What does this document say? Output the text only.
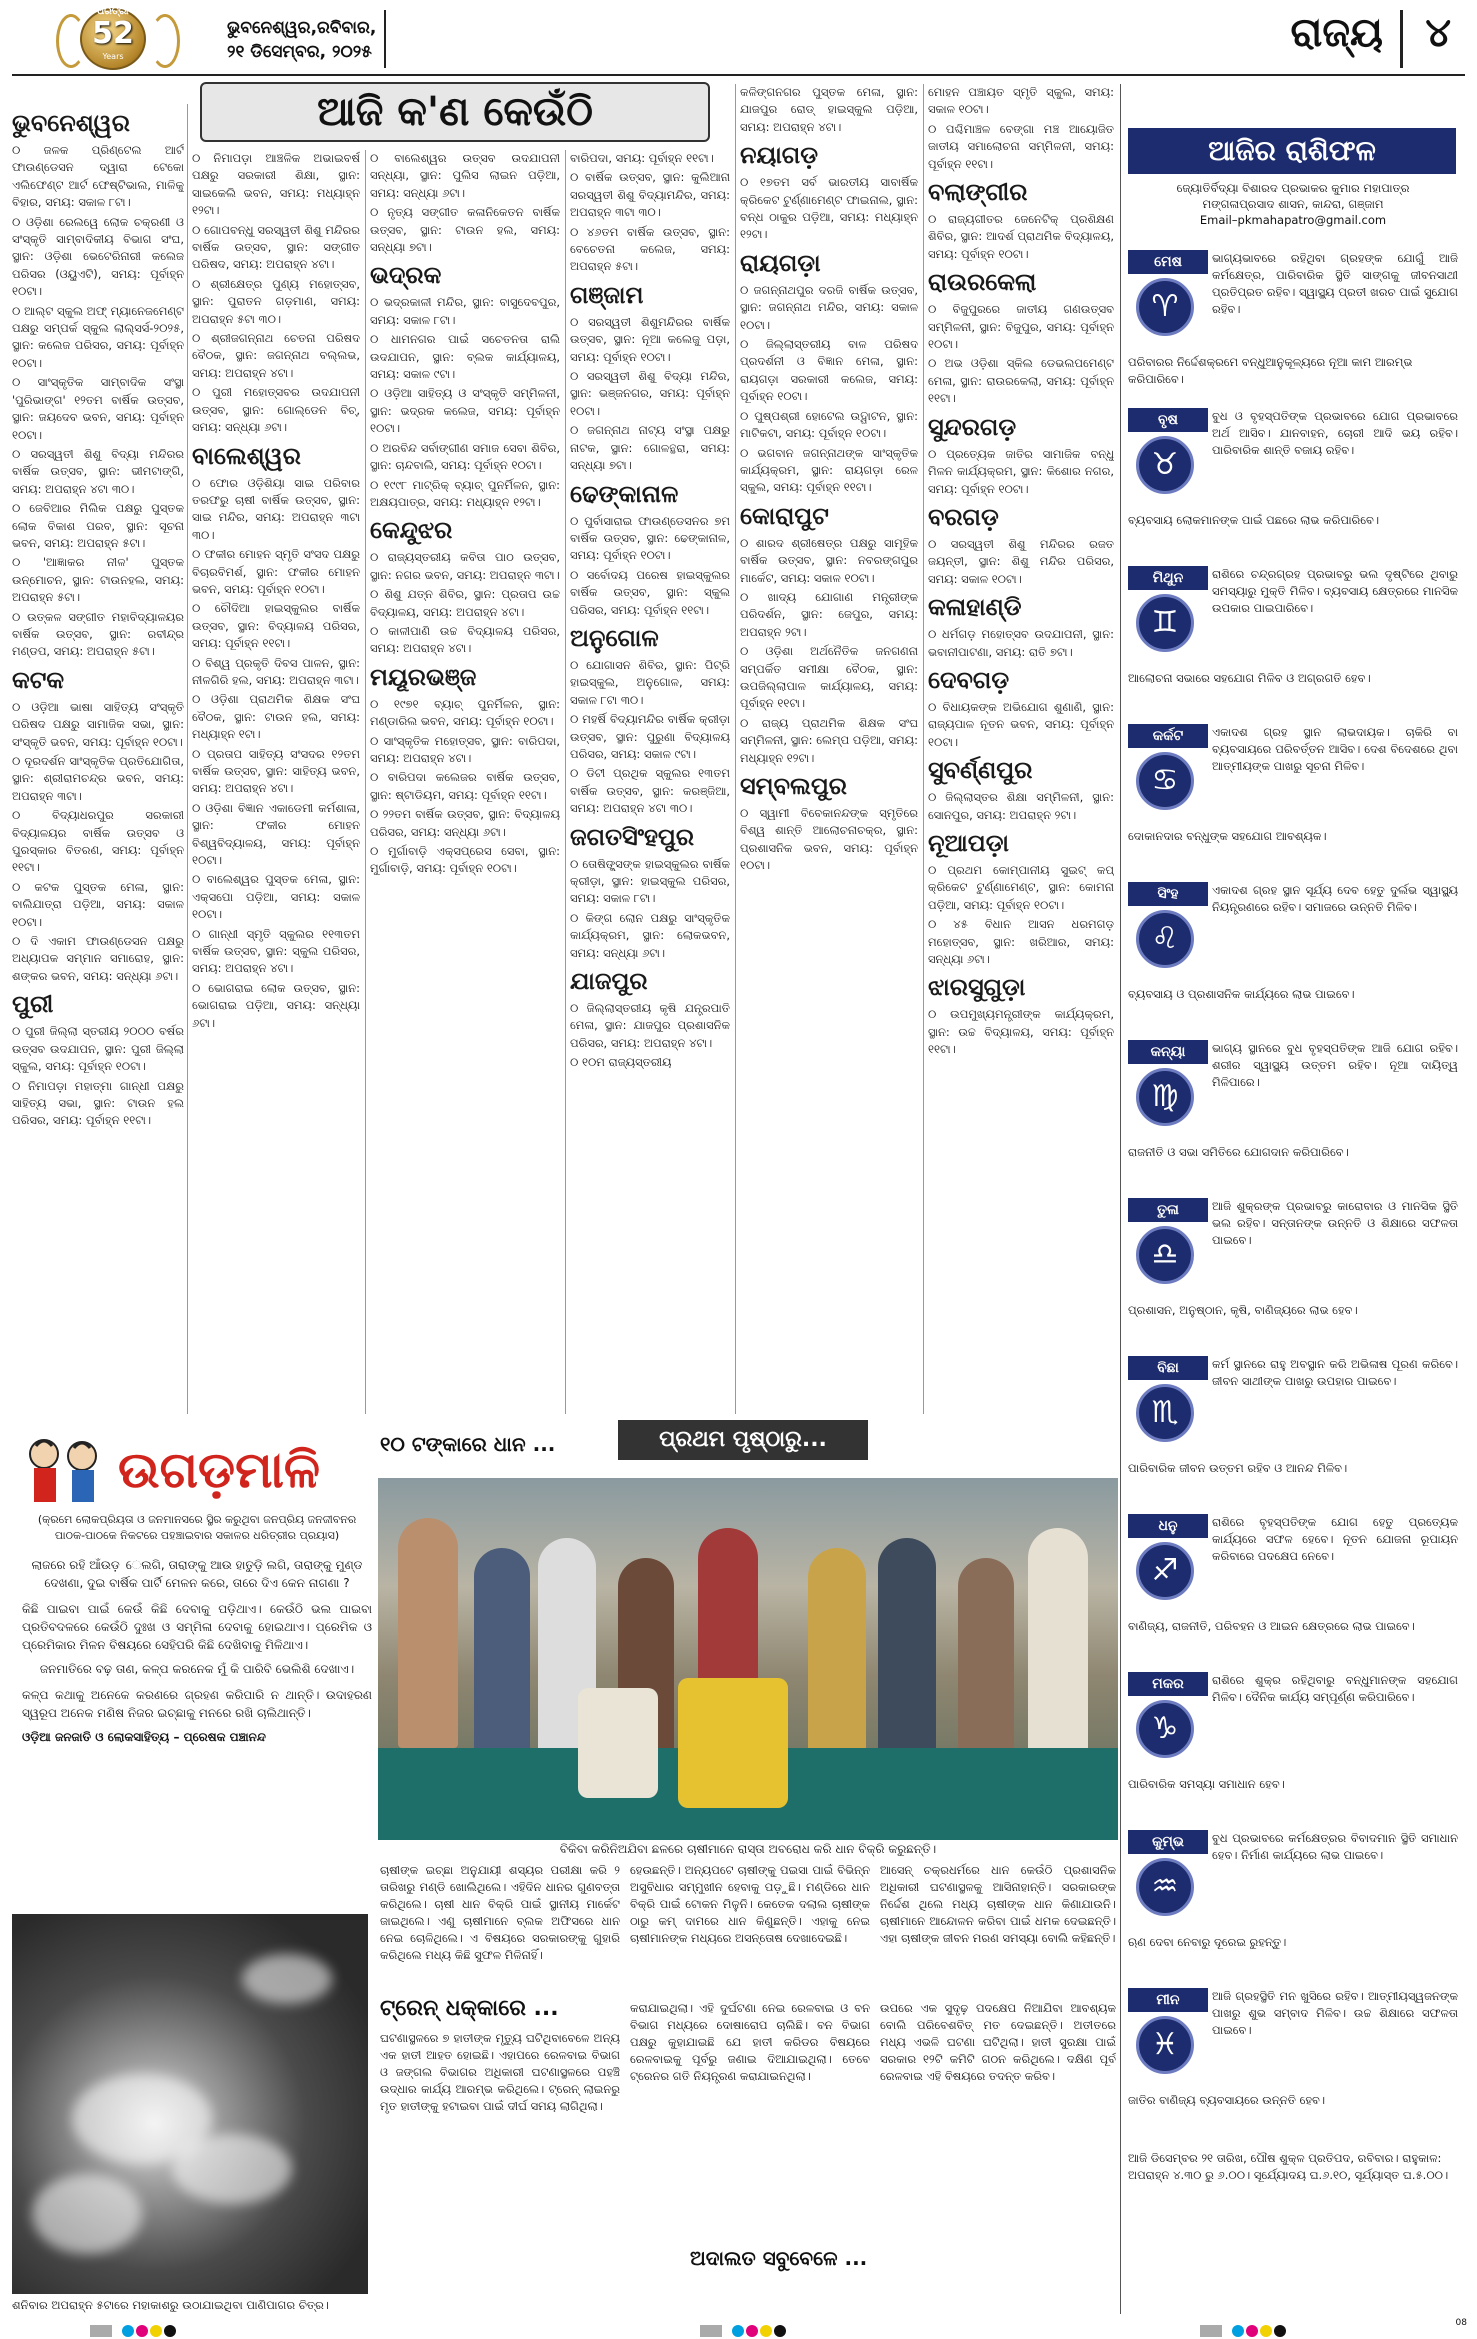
ଧରିତ୍ରୀ
52
Years
ଭୁବନେଶ୍ୱର,ରବିବାର,
୨୧ ଡିସେମ୍ବର, ୨୦୨୫	ରାଜ୍ୟ ୪
ଆଜି କ'ଣ କେଉଁଠି
ଭୁବନେଶ୍ୱର

୦ ଜଳକ ପ୍ରିଣ୍ଟେଲ ଆର୍ଟ ଫାଉଣ୍ଡେସନ ଦ୍ୱାରା ଟେକୋ ଏଲିଫେଣ୍ଟ ଆର୍ଟ ଫେଷ୍ଟିଭାଲ, ମାଳିକୁ ବିହାର, ସମୟ: ସକାଳ ୮ଟା।

୦ ଓଡ଼ିଶା ରେଲୱେ ଲୋକ ଚକ୍ରଣୀ ଓ ସଂସ୍କୃତି ସାମ୍ବାଦିକୀୟ ବିଭାଗ ସଂଘ, ସ୍ଥାନ: ଓଡ଼ିଶା ଭେଟେରିନାରୀ କଲେଜ ପରିସର (ଓୟୁଏଟି), ସମୟ: ପୂର୍ବାହ୍ନ ୧୦ଟା।

୦ ଆଲ୍ଟ ସ୍କୁଲ ଅଫ୍ ମ୍ୟାନେଜମେଣ୍ଟ ପକ୍ଷରୁ ସମ୍ପର୍କ ସ୍କୁଲ ଲାଲ୍ସର୍ସ-୨୦୨୫, ସ୍ଥାନ: କଲେଜ ପରିସର, ସମୟ: ପୂର୍ବାହ୍ନ ୧୦ଟା।

୦ ସାଂସ୍କୃତିକ ସାମ୍ବାଦିକ ସଂସ୍ଥା 'ପୁରିଭାଙ୍ଗ' ୧୨ତମ ବାର୍ଷିକ ଉତ୍ସବ, ସ୍ଥାନ: ଜୟଦେବ ଭବନ, ସମୟ: ପୂର୍ବାହ୍ନ ୧୦ଟା।

୦ ସରସ୍ୱତୀ ଶିଶୁ ବିଦ୍ୟା ମନ୍ଦିରର ବାର୍ଷିକ ଉତ୍ସବ, ସ୍ଥାନ: ଭୀମଟାଙ୍ଗି, ସମୟ: ଅପରାହ୍ନ ୪ଟା ୩୦।

୦ ଜେବିଆର ମିଲିକ ପକ୍ଷରୁ ପୁସ୍ତକ ଲୋକ ବିକାଶ ପରବ, ସ୍ଥାନ: ସୂଚନା ଭବନ, ସମୟ: ଅପରାହ୍ନ ୫ଟା।

୦ 'ଆଜ୍ଞାକର ନୀଳ' ପୁସ୍ତକ ଉନ୍ମୋଚନ, ସ୍ଥାନ: ଟାଉନହଲ, ସମୟ: ଅପରାହ୍ନ ୫ଟା।

୦ ଉତ୍କଳ ସଙ୍ଗୀତ ମହାବିଦ୍ୟାଳୟର ବାର୍ଷିକ ଉତ୍ସବ, ସ୍ଥାନ: ରବୀନ୍ଦ୍ର ମଣ୍ଡପ, ସମୟ: ଅପରାହ୍ନ ୫ଟା।

କଟକ

୦ ଓଡ଼ିଆ ଭାଷା ସାହିତ୍ୟ ସଂସ୍କୃତି ପରିଷଦ ପକ୍ଷରୁ ସାମାଜିକ ସଭା, ସ୍ଥାନ: ସଂସ୍କୃତି ଭବନ, ସମୟ: ପୂର୍ବାହ୍ନ ୧୦ଟା।

୦ ଦୂରଦର୍ଶନ ସାଂସ୍କୃତିକ ପ୍ରତିଯୋଗିତା, ସ୍ଥାନ: ଶ୍ରୀରାମଚନ୍ଦ୍ର ଭବନ, ସମୟ: ଅପରାହ୍ନ ୩ଟା।

୦ ବିଦ୍ୟାଧରପୁର ସରକାରୀ ବିଦ୍ୟାଳୟର ବାର୍ଷିକ ଉତ୍ସବ ଓ ପୁରସ୍କାର ବିତରଣ, ସମୟ: ପୂର୍ବାହ୍ନ ୧୧ଟା।

୦ କଟକ ପୁସ୍ତକ ମେଳା, ସ୍ଥାନ: ବାଲିଯାତ୍ରା ପଡ଼ିଆ, ସମୟ: ସକାଳ ୧୦ଟା।

୦ ଦି ଏକାମ ଫାଉଣ୍ଡେସନ ପକ୍ଷରୁ ଅଧ୍ୟାପକ ସମ୍ମାନ ସମାରୋହ, ସ୍ଥାନ: ଶଙ୍କର ଭବନ, ସମୟ: ସନ୍ଧ୍ୟା ୬ଟା।

ପୁରୀ

୦ ପୁରୀ ଜିଲ୍ଲା ସ୍ତରୀୟ ୨୦୦୦ ବର୍ଷର ଉତ୍ସବ ଉଦଯାପନ, ସ୍ଥାନ: ପୁରୀ ଜିଲ୍ଲା ସ୍କୁଲ, ସମୟ: ପୂର୍ବାହ୍ନ ୧୦ଟା।

୦ ନିମାପଡ଼ା ମହାତ୍ମା ଗାନ୍ଧୀ ପକ୍ଷରୁ ସାହିତ୍ୟ ସଭା, ସ୍ଥାନ: ଟାଉନ ହଲ ପରିସର, ସମୟ: ପୂର୍ବାହ୍ନ ୧୧ଟା।

୦ ନିମାପଡ଼ା ଆଞ୍ଚଳିକ ଅଭାଇବର୍ଷ ପକ୍ଷରୁ ସରକାରୀ ଶିକ୍ଷା, ସ୍ଥାନ: ସାଇକେଲି ଭବନ, ସମୟ: ମଧ୍ୟାହ୍ନ ୧୨ଟା।

୦ ଗୋପବନ୍ଧୁ ସରସ୍ୱତୀ ଶିଶୁ ମନ୍ଦିରର ବାର୍ଷିକ ଉତ୍ସବ, ସ୍ଥାନ: ସଙ୍ଗୀତ ପରିଷଦ, ସମୟ: ଅପରାହ୍ନ ୪ଟା।

୦ ଶ୍ରୀକ୍ଷେତ୍ର ପୁଣ୍ୟ ମହୋତ୍ସବ, ସ୍ଥାନ: ପୁରାତନ ଗଡ଼ମାଣ, ସମୟ: ଅପରାହ୍ନ ୫ଟା ୩୦।

୦ ଶ୍ରୀଜଗନ୍ନାଥ ଚେତନା ପରିଷଦ ବୈଠକ, ସ୍ଥାନ: ଜଗନ୍ନାଥ ବଲ୍ଲଭ, ସମୟ: ଅପରାହ୍ନ ୪ଟା।

୦ ପୁରୀ ମହୋତ୍ସବର ଉଦଯାପନୀ ଉତ୍ସବ, ସ୍ଥାନ: ଗୋଲ୍ଡେନ ବିଚ୍, ସମୟ: ସନ୍ଧ୍ୟା ୬ଟା।

ବାଲେଶ୍ୱର

୦ ଫୋର ଓଡ଼ିଶିୟା ସାଇ ପରିବାର ତରଫରୁ ଚାଷୀ ବାର୍ଷିକ ଉତ୍ସବ, ସ୍ଥାନ: ସାଇ ମନ୍ଦିର, ସମୟ: ଅପରାହ୍ନ ୩ଟା ୩୦।

୦ ଫକୀର ମୋହନ ସ୍ମୃତି ସଂସଦ ପକ୍ଷରୁ ବିଚାରବିମର୍ଶ, ସ୍ଥାନ: ଫକୀର ମୋହନ ଭବନ, ସମୟ: ପୂର୍ବାହ୍ନ ୧୦ଟା।

୦ ଚୌଦିଆ ହାଇସ୍କୁଲର ବାର୍ଷିକ ଉତ୍ସବ, ସ୍ଥାନ: ବିଦ୍ୟାଳୟ ପରିସର, ସମୟ: ପୂର୍ବାହ୍ନ ୧୧ଟା।

୦ ବିଶ୍ୱ ପ୍ରକୃତି ଦିବସ ପାଳନ, ସ୍ଥାନ: ନୀଳଗିରି ହଲ, ସମୟ: ଅପରାହ୍ନ ୩ଟା।

୦ ଓଡ଼ିଶା ପ୍ରାଥମିକ ଶିକ୍ଷକ ସଂଘ ବୈଠକ, ସ୍ଥାନ: ଟାଉନ ହଲ, ସମୟ: ମଧ୍ୟାହ୍ନ ୧ଟା।

୦ ପ୍ରତାପ ସାହିତ୍ୟ ସଂସଦର ୧୨ତମ ବାର୍ଷିକ ଉତ୍ସବ, ସ୍ଥାନ: ସାହିତ୍ୟ ଭବନ, ସମୟ: ଅପରାହ୍ନ ୪ଟା।

୦ ଓଡ଼ିଶା ବିଜ୍ଞାନ ଏକାଡେମୀ କର୍ମଶାଳା, ସ୍ଥାନ: ଫକୀର ମୋହନ ବିଶ୍ୱବିଦ୍ୟାଳୟ, ସମୟ: ପୂର୍ବାହ୍ନ ୧୦ଟା।

୦ ବାଲେଶ୍ୱର ପୁସ୍ତକ ମେଳା, ସ୍ଥାନ: ଏକ୍ସପୋ ପଡ଼ିଆ, ସମୟ: ସକାଳ ୧୦ଟା।

୦ ଗାନ୍ଧୀ ସ୍ମୃତି ସ୍କୁଲର ୧୧୩ତମ ବାର୍ଷିକ ଉତ୍ସବ, ସ୍ଥାନ: ସ୍କୁଲ ପରିସର, ସମୟ: ଅପରାହ୍ନ ୪ଟା।

୦ ଭୋଗରାଇ ଲୋକ ଉତ୍ସବ, ସ୍ଥାନ: ଭୋଗରାଇ ପଡ଼ିଆ, ସମୟ: ସନ୍ଧ୍ୟା ୬ଟା।

୦ ବାଲେଶ୍ୱର ଉତ୍ସବ ଉଦଯାପନୀ ସନ୍ଧ୍ୟା, ସ୍ଥାନ: ପୁଲିସ ଲାଇନ ପଡ଼ିଆ, ସମୟ: ସନ୍ଧ୍ୟା ୬ଟା।

୦ ନୃତ୍ୟ ସଙ୍ଗୀତ କଳାନିକେତନ ବାର୍ଷିକ ଉତ୍ସବ, ସ୍ଥାନ: ଟାଉନ ହଲ, ସମୟ: ସନ୍ଧ୍ୟା ୭ଟା।

ଭଦ୍ରକ

୦ ଭଦ୍ରକାଳୀ ମନ୍ଦିର, ସ୍ଥାନ: ବାସୁଦେବପୁର, ସମୟ: ସକାଳ ୮ଟା।

୦ ଧାମନଗର ପାଇଁ ସଚେତନତା ରାଲି ଉଦଯାପନ, ସ୍ଥାନ: ବ୍ଲକ କାର୍ଯ୍ୟାଳୟ, ସମୟ: ସକାଳ ୯ଟା।

୦ ଓଡ଼ିଆ ସାହିତ୍ୟ ଓ ସଂସ୍କୃତି ସମ୍ମିଳନୀ, ସ୍ଥାନ: ଭଦ୍ରକ କଲେଜ, ସମୟ: ପୂର୍ବାହ୍ନ ୧୦ଟା।

୦ ଅରବିନ୍ଦ ସର୍ବାଙ୍ଗୀଣ ସମାଜ ସେବା ଶିବିର, ସ୍ଥାନ: ଚାନ୍ଦବାଲି, ସମୟ: ପୂର୍ବାହ୍ନ ୧୦ଟା।

୦ ୧୯୯୮ ମାଟ୍ରିକ୍ ବ୍ୟାଚ୍ ପୁନର୍ମିଳନ, ସ୍ଥାନ: ଅକ୍ଷୟପାତ୍ର, ସମୟ: ମଧ୍ୟାହ୍ନ ୧୨ଟା।

କେନ୍ଦୁଝର

୦ ରାଜ୍ୟସ୍ତରୀୟ କବିତା ପାଠ ଉତ୍ସବ, ସ୍ଥାନ: ନଗର ଭବନ, ସମୟ: ଅପରାହ୍ନ ୩ଟା।

୦ ଶିଶୁ ଯତ୍ନ ଶିବିର, ସ୍ଥାନ: ପ୍ରତାପ ଉଚ୍ଚ ବିଦ୍ୟାଳୟ, ସମୟ: ଅପରାହ୍ନ ୪ଟା।

୦ କାଳୀପାଣି ଉଚ୍ଚ ବିଦ୍ୟାଳୟ ପରିସର, ସମୟ: ଅପରାହ୍ନ ୪ଟା।

ମୟୂରଭଞ୍ଜ

୦ ୧୯୭୧ ବ୍ୟାଚ୍ ପୁନର୍ମିଳନ, ସ୍ଥାନ: ମଣ୍ଡାରିଲ ଭବନ, ସମୟ: ପୂର୍ବାହ୍ନ ୧୦ଟା।

୦ ସାଂସ୍କୃତିକ ମହୋତ୍ସବ, ସ୍ଥାନ: ବାରିପଦା, ସମୟ: ଅପରାହ୍ନ ୪ଟା।

୦ ବାରିପଦା କଲେଜର ବାର୍ଷିକ ଉତ୍ସବ, ସ୍ଥାନ: ଷ୍ଟାଡିୟମ, ସମୟ: ପୂର୍ବାହ୍ନ ୧୧ଟା।

୦ ୨୨ତମ ବାର୍ଷିକ ଉତ୍ସବ, ସ୍ଥାନ: ବିଦ୍ୟାଳୟ ପରିସର, ସମୟ: ସନ୍ଧ୍ୟା ୬ଟା।

୦ ମୁର୍ଗାବାଡ଼ି ଏକ୍ସପ୍ରେସ ସେବା, ସ୍ଥାନ: ମୁର୍ଗାବାଡ଼ି, ସମୟ: ପୂର୍ବାହ୍ନ ୧୦ଟା।

ବାରିପଦା, ସମୟ: ପୂର୍ବାହ୍ନ ୧୧ଟା।

୦ ବାର୍ଷିକ ଉତ୍ସବ, ସ୍ଥାନ: କୁଲିଆନା ସରସ୍ୱତୀ ଶିଶୁ ବିଦ୍ୟାମନ୍ଦିର, ସମୟ: ଅପରାହ୍ନ ୩ଟା ୩୦।

୦ ୪୬ତମ ବାର୍ଷିକ ଉତ୍ସବ, ସ୍ଥାନ: ବେଚେତନା କଲେଜ, ସମୟ: ଅପରାହ୍ନ ୫ଟା।

ଗଞ୍ଜାମ

୦ ସରସ୍ୱତୀ ଶିଶୁମନ୍ଦିରର ବାର୍ଷିକ ଉତ୍ସବ, ସ୍ଥାନ: ନୂଆ କଲେଜୁ ପଡ଼ା, ସମୟ: ପୂର୍ବାହ୍ନ ୧୦ଟା।

୦ ସରସ୍ୱତୀ ଶିଶୁ ବିଦ୍ୟା ମନ୍ଦିର, ସ୍ଥାନ: ଭଞ୍ଜନଗର, ସମୟ: ପୂର୍ବାହ୍ନ ୧୦ଟା।

୦ ଜଗନ୍ନାଥ ନାଟ୍ୟ ସଂସ୍ଥା ପକ୍ଷରୁ ନାଟକ, ସ୍ଥାନ: ଗୋଳନ୍ଥରା, ସମୟ: ସନ୍ଧ୍ୟା ୭ଟା।

ଢେଙ୍କାନାଳ

୦ ପୁର୍ବାସାରାଇ ଫାଉଣ୍ଡେସନର ୭ମ ବାର୍ଷିକ ଉତ୍ସବ, ସ୍ଥାନ: ଢେଙ୍କାନାଳ, ସମୟ: ପୂର୍ବାହ୍ନ ୧୦ଟା।

୦ ସର୍ବୋଦୟ ପରେଷ ହାଇସ୍କୁଲର ବାର୍ଷିକ ଉତ୍ସବ, ସ୍ଥାନ: ସ୍କୁଲ ପରିସର, ସମୟ: ପୂର୍ବାହ୍ନ ୧୧ଟା।

ଅନୁଗୋଳ

୦ ଯୋଗାସନ ଶିବିର, ସ୍ଥାନ: ପିଟ୍ରି ହାଇସ୍କୁଲ, ଅନୁଗୋଳ, ସମୟ: ସକାଳ ୮ଟା ୩୦।

୦ ମହର୍ଷି ବିଦ୍ୟାମନ୍ଦିର ବାର୍ଷିକ କ୍ରୀଡ଼ା ଉତ୍ସବ, ସ୍ଥାନ: ପୁରୁଣା ବିଦ୍ୟାଳୟ ପରିସର, ସମୟ: ସକାଳ ୯ଟା।

୦ ଡିଟୀ ପ୍ରଥିକ ସ୍କୁଲର ୧୩ତମ ବାର୍ଷିକ ଉତ୍ସବ, ସ୍ଥାନ: କରଞ୍ଜିଆ, ସମୟ: ଅପରାହ୍ନ ୪ଟା ୩୦।

ଜଗତସିଂହପୁର

୦ ତୋଷିଙ୍କ୍ସଙ୍କ ହାଇସ୍କୁଲର ବାର୍ଷିକ କ୍ରୀଡ଼ା, ସ୍ଥାନ: ହାଇସ୍କୁଲ ପରିସର, ସମୟ: ସକାଳ ୮ଟା।

୦ କିଙ୍ଗ ଲୋନ ପକ୍ଷରୁ ସାଂସ୍କୃତିକ କାର୍ଯ୍ୟକ୍ରମ, ସ୍ଥାନ: ଲୋକଭବନ, ସମୟ: ସନ୍ଧ୍ୟା ୬ଟା।

ଯାଜପୁର

୦ ଜିଲ୍ଲାସ୍ତରୀୟ କୃଷି ଯନ୍ତ୍ରପାତି ମେଳା, ସ୍ଥାନ: ଯାଜପୁର ପ୍ରଶାସନିକ ପରିସର, ସମୟ: ଅପରାହ୍ନ ୪ଟା।

୦ ୧୦ମ ରାଜ୍ୟସ୍ତରୀୟ

କଳିଙ୍ଗନଗର ପୁସ୍ତକ ମେଳା, ସ୍ଥାନ: ଯାଜପୁର ରୋଡ୍ ହାଇସ୍କୁଲ ପଡ଼ିଆ, ସମୟ: ଅପରାହ୍ନ ୪ଟା।

ନୟାଗଡ଼

୦ ୧୭ତମ ସର୍ବ ଭାରତୀୟ ସାବାର୍ଷିକ କ୍ରିକେଟ ଟୁର୍ଣ୍ଣାମେଣ୍ଟ ଫାଇନାଲ, ସ୍ଥାନ: ବନ୍ଧ ଠାକୁର ପଡ଼ିଆ, ସମୟ: ମଧ୍ୟାହ୍ନ ୧୨ଟା।

ରାୟଗଡ଼ା

୦ ଜଗନ୍ନାଥପୁର ଦରଜି ବାର୍ଷିକ ଉତ୍ସବ, ସ୍ଥାନ: ଜଗନ୍ନାଥ ମନ୍ଦିର, ସମୟ: ସକାଳ ୧୦ଟା।

୦ ଜିଲ୍ଲାସ୍ତରୀୟ ବାଳ ପରିଷଦ ପ୍ରଦର୍ଶନୀ ଓ ବିଜ୍ଞାନ ମେଳା, ସ୍ଥାନ: ରାୟଗଡ଼ା ସରକାରୀ କଲେଜ, ସମୟ: ପୂର୍ବାହ୍ନ ୧୦ଟା।

୦ ପୁଷ୍ପଶ୍ରୀ ହୋଟେଲ ଉଦ୍ଘାଟନ, ସ୍ଥାନ: ମାଟିକଟା, ସମୟ: ପୂର୍ବାହ୍ନ ୧୦ଟା।

୦ ଭଗବାନ ଜଗନ୍ନାଥଙ୍କ ସାଂସ୍କୃତିକ କାର୍ଯ୍ୟକ୍ରମ, ସ୍ଥାନ: ରାୟଗଡ଼ା ରେଳ ସ୍କୁଲ, ସମୟ: ପୂର୍ବାହ୍ନ ୧୧ଟା।

କୋରାପୁଟ

୦ ଶାରଦ ଶ୍ରୀଷେତ୍ର ପକ୍ଷରୁ ସାମୂହିକ ବାର୍ଷିକ ଉତ୍ସବ, ସ୍ଥାନ: ନବରଙ୍ଗପୁର ମାର୍କେଟ, ସମୟ: ସକାଳ ୧୦ଟା।

୦ ଖାଦ୍ୟ ଯୋଗାଣ ମନ୍ତ୍ରୀଙ୍କ ପରିଦର୍ଶନ, ସ୍ଥାନ: ଜେପୁର, ସମୟ: ଅପରାହ୍ନ ୨ଟା।

୦ ଓଡ଼ିଶା ଅର୍ଥନୈତିକ ଜନଗଣନା ସମ୍ପର୍କିତ ସମୀକ୍ଷା ବୈଠକ, ସ୍ଥାନ: ଉପଜିଲ୍ଲାପାଳ କାର୍ଯ୍ୟାଳୟ, ସମୟ: ପୂର୍ବାହ୍ନ ୧୧ଟା।

୦ ରାଜ୍ୟ ପ୍ରାଥମିକ ଶିକ୍ଷକ ସଂଘ ସମ୍ମିଳନୀ, ସ୍ଥାନ: ଲେମ୍ପ ପଡ଼ିଆ, ସମୟ: ମଧ୍ୟାହ୍ନ ୧୨ଟା।

ସମ୍ବଲପୁର

୦ ସ୍ୱାମୀ ବିବେକାନନ୍ଦଙ୍କ ସ୍ମୃତିରେ ବିଶ୍ୱ ଶାନ୍ତି ଆଲୋଚନାଚକ୍ର, ସ୍ଥାନ: ପ୍ରଶାସନିକ ଭବନ, ସମୟ: ପୂର୍ବାହ୍ନ ୧୦ଟା।

ମୋହନ ପଞ୍ଚାୟତ ସ୍ମୃତି ସ୍କୁଲ, ସମୟ: ସକାଳ ୧୦ଟା।

୦ ପଶ୍ଚିମାଞ୍ଚଳ ବେଙ୍ଗା ମଞ୍ଚ ଆୟୋଜିତ ଜାତୀୟ ସମାଲୋଚନା ସମ୍ମିଳନୀ, ସମୟ: ପୂର୍ବାହ୍ନ ୧୧ଟା।

ବଲାଙ୍ଗୀର

୦ ରାଜ୍ୟଗୀତର ଜେନେଟିକ୍ ପ୍ରଶିକ୍ଷଣ ଶିବିର, ସ୍ଥାନ: ଆଦର୍ଶ ପ୍ରାଥମିକ ବିଦ୍ୟାଳୟ, ସମୟ: ପୂର୍ବାହ୍ନ ୧୦ଟା।

ରାଉରକେଲା

୦ ବିଜୁପୁରରେ ଜାତୀୟ ଗଣଉତ୍ସବ ସମ୍ମିଳନୀ, ସ୍ଥାନ: ବିଜୁପୁର, ସମୟ: ପୂର୍ବାହ୍ନ ୧୦ଟା।

୦ ଅଭ ଓଡ଼ିଶା ସ୍କିଲ ଡେଭଲପମେଣ୍ଟ ମେଳା, ସ୍ଥାନ: ରାଉରକେଲା, ସମୟ: ପୂର୍ବାହ୍ନ ୧୧ଟା।

ସୁନ୍ଦରଗଡ଼

୦ ପ୍ରତ୍ୟେକ ଜାତିର ସାମାଜିକ ବନ୍ଧୁ ମିଳନ କାର୍ଯ୍ୟକ୍ରମ, ସ୍ଥାନ: କିଶୋର ନଗର, ସମୟ: ପୂର୍ବାହ୍ନ ୧୦ଟା।

ବରଗଡ଼

୦ ସରସ୍ୱତୀ ଶିଶୁ ମନ୍ଦିରର ରଜତ ଜୟନ୍ତୀ, ସ୍ଥାନ: ଶିଶୁ ମନ୍ଦିର ପରିସର, ସମୟ: ସକାଳ ୧୦ଟା।

କଳାହାଣ୍ଡି

୦ ଧର୍ମଗଡ଼ ମହୋତ୍ସବ ଉଦଯାପନୀ, ସ୍ଥାନ: ଭବାନୀପାଟଣା, ସମୟ: ରାତି ୭ଟା।

ଦେବଗଡ଼

୦ ବିଧାୟକଙ୍କ ଅଭିଯୋଗ ଶୁଣାଣି, ସ୍ଥାନ: ରାଜ୍ୟପାଳ ନୂତନ ଭବନ, ସମୟ: ପୂର୍ବାହ୍ନ ୧୦ଟା।

ସୁବର୍ଣ୍ଣପୁର

୦ ଜିଲ୍ଲାସ୍ତର ଶିକ୍ଷା ସମ୍ମିଳନୀ, ସ୍ଥାନ: ସୋନପୁର, ସମୟ: ଅପରାହ୍ନ ୨ଟା।

ନୂଆପଡ଼ା

୦ ପ୍ରଥମ କୋମ୍ପାନୀୟ ସୁଇଟ୍ କପ୍ କ୍ରିକେଟ ଟୁର୍ଣ୍ଣାମେଣ୍ଟ, ସ୍ଥାନ: କୋମନା ପଡ଼ିଆ, ସମୟ: ପୂର୍ବାହ୍ନ ୧୦ଟା।

୦ ୪୫ ବିଧାନ ଆସନ ଧରମଗଡ଼ ମହୋତ୍ସବ, ସ୍ଥାନ: ଖରିଆର, ସମୟ: ସନ୍ଧ୍ୟା ୬ଟା।

ଝାରସୁଗୁଡ଼ା

୦ ଉପମୁଖ୍ୟମନ୍ତ୍ରୀଙ୍କ କାର୍ଯ୍ୟକ୍ରମ, ସ୍ଥାନ: ଉଚ୍ଚ ବିଦ୍ୟାଳୟ, ସମୟ: ପୂର୍ବାହ୍ନ ୧୧ଟା।

ଆଜିର ରାଶିଫଳ
ଜ୍ୟୋତିର୍ବିଦ୍ୟା ବିଶାରଦ ପ୍ରଭାକର କୁମାର ମହାପାତ୍ର
ମଙ୍ଗଳାପ୍ରସାଦ ଶାସନ, କାନ୍ଦରା, ଗଞ୍ଜାମ
Email–pkmahapatro@gmail.com
ମେଷ
♈
ଭାଗ୍ୟଭାବରେ ରହିଥିବା ଗ୍ରହଙ୍କ ଯୋଗୁଁ ଆଜି କର୍ମକ୍ଷେତ୍ର, ପାରିବାରିକ ସ୍ଥିତି ସାଙ୍ଗକୁ ଜୀବନସାଥୀ ପ୍ରତିପ୍ରତ ରହିବ। ସ୍ୱାସ୍ଥ୍ୟ ପ୍ରତୀ ଖରଚ ପାଇଁ ସୁଯୋଗ ରହିବ।
ପରିବାରର ନିର୍ଦ୍ଦେଶକ୍ରମେ ବନ୍ଧୁଆନୁକୂଳ୍ୟରେ ନୂଆ କାମ ଆରମ୍ଭ କରିପାରିବେ।
ବୃଷ
♉
ବୁଧ ଓ ବୃହସ୍ପତିଙ୍କ ପ୍ରଭାବରେ ଯୋଗ ପ୍ରଭାବରେ ଅର୍ଥ ଆସିବ। ଯାନବାହନ, ଚୋରୀ ଆଦି ଭୟ ରହିବ। ପାରିବାରିକ ଶାନ୍ତି ବଜାୟ ରହିବ।
ବ୍ୟବସାୟ ଲୋକମାନଙ୍କ ପାଇଁ ପଛରେ ଲାଭ କରିପାରିବେ।
ମିଥୁନ
♊
ରାଶିରେ ଚନ୍ଦ୍ରଗ୍ରହ ପ୍ରଭାବରୁ ଭଲ ଦୃଷ୍ଟିରେ ଥିବାରୁ ସମସ୍ୟାରୁ ମୁକ୍ତି ମିଳିବ। ବ୍ୟବସାୟ କ୍ଷେତ୍ରରେ ମାନସିକ ଉପକାର ପାଇପାରିବେ।
ଆଲୋଚନା ସଭାରେ ସହଯୋଗ ମିଳିବ ଓ ଅଗ୍ରଗତି ହେବ।
କର୍କଟ
♋
ଏକାଦଶ ଗ୍ରହ ସ୍ଥାନ ଲାଭଦାୟକ। ଚାକିରି ବା ବ୍ୟବସାୟରେ ପରିବର୍ତ୍ତନ ଆସିବ। ଦେଶ ବିଦେଶରେ ଥିବା ଆତ୍ମୀୟଙ୍କ ପାଖରୁ ସୂଚନା ମିଳିବ।
ଦୋକାନଦାର ବନ୍ଧୁଙ୍କ ସହଯୋଗ ଆବଶ୍ୟକ।
ସିଂହ
♌
ଏକାଦଶ ଗ୍ରହ ସ୍ଥାନ ସୂର୍ଯ୍ୟ ଦେବ ହେତୁ ଦୁର୍ଲଭ ସ୍ୱାସ୍ଥ୍ୟ ନିୟନ୍ତ୍ରଣରେ ରହିବ। ସମାଜରେ ଉନ୍ନତି ମିଳିବ।
ବ୍ୟବସାୟ ଓ ପ୍ରଶାସନିକ କାର୍ଯ୍ୟରେ ଲାଭ ପାଇବେ।
କନ୍ୟା
♍
ଭାଗ୍ୟ ସ୍ଥାନରେ ବୁଧ ବୃହସ୍ପତିଙ୍କ ଆଜି ଯୋଗ ରହିବ। ଶରୀର ସ୍ୱାସ୍ଥ୍ୟ ଉତ୍ତମ ରହିବ। ନୂଆ ଦାୟିତ୍ୱ ମିଳିପାରେ।
ରାଜନୀତି ଓ ସଭା ସମିତିରେ ଯୋଗଦାନ କରିପାରିବେ।
ତୁଳା
♎
ଆଜି ଶୁକ୍ରଙ୍କ ପ୍ରଭାବରୁ କାରୋବାର ଓ ମାନସିକ ସ୍ଥିତି ଭଲ ରହିବ। ସନ୍ତାନଙ୍କ ଉନ୍ନତି ଓ ଶିକ୍ଷାରେ ସଫଳତା ପାଇବେ।
ପ୍ରଶାସନ, ଅନୁଷ୍ଠାନ, କୃଷି, ବାଣିଜ୍ୟରେ ଲାଭ ହେବ।
ବିଛା
♏
କର୍ମ ସ୍ଥାନରେ ରାହୁ ଅବସ୍ଥାନ କରି ଅଭିଳାଷ ପୂରଣ କରିବେ। ଜୀବନ ସାଥୀଙ୍କ ପାଖରୁ ଉପହାର ପାଇବେ।
ପାରିବାରିକ ଜୀବନ ଉତ୍ତମ ରହିବ ଓ ଆନନ୍ଦ ମିଳିବ।
ଧନୁ
♐
ରାଶିରେ ବୃହସ୍ପତିଙ୍କ ଯୋଗ ହେତୁ ପ୍ରତ୍ୟେକ କାର୍ଯ୍ୟରେ ସଫଳ ହେବେ। ନୂତନ ଯୋଜନା ରୂପାୟନ କରିବାରେ ପଦକ୍ଷେପ ନେବେ।
ବାଣିଜ୍ୟ, ରାଜନୀତି, ପରିବହନ ଓ ଆଇନ କ୍ଷେତ୍ରରେ ଲାଭ ପାଇବେ।
ମକର
♑
ରାଶିରେ ଶୁକ୍ର ରହିଥିବାରୁ ବନ୍ଧୁମାନଙ୍କ ସହଯୋଗ ମିଳିବ। ଦୈନିକ କାର୍ଯ୍ୟ ସମ୍ପୂର୍ଣ୍ଣ କରିପାରିବେ।
ପାରିବାରିକ ସମସ୍ୟା ସମାଧାନ ହେବ।
କୁମ୍ଭ
♒
ବୁଧ ପ୍ରଭାବରେ କର୍ମକ୍ଷେତ୍ରର ବିବାଦମାନ ସ୍ଥିତି ସମାଧାନ ହେବ। ନିର୍ମାଣ କାର୍ଯ୍ୟରେ ଲାଭ ପାଇବେ।
ଋଣ ଦେବା ନେବାରୁ ଦୂରେଇ ରୁହନ୍ତୁ।
ମୀନ
♓
ଆଜି ଗ୍ରହସ୍ଥିତି ମନ ଖୁସିରେ ରହିବ। ଆତ୍ମୀୟସ୍ୱଜନଙ୍କ ପାଖରୁ ଶୁଭ ସମ୍ବାଦ ମିଳିବ। ଉଚ୍ଚ ଶିକ୍ଷାରେ ସଫଳତା ପାଇବେ।
ଜାତିର ବାଣିଜ୍ୟ ବ୍ୟବସାୟରେ ଉନ୍ନତି ହେବ।
ଆଜି ଡିସେମ୍ବର ୨୧ ତାରିଖ, ପୌଷ ଶୁକ୍ଳ ପ୍ରତିପଦ, ରବିବାର। ରାହୁକାଳ: ଅପରାହ୍ନ ୪.୩୦ ରୁ ୬.୦୦। ସୂର୍ଯ୍ୟୋଦୟ ଘ.୬.୧୦, ସୂର୍ଯ୍ୟାସ୍ତ ଘ.୫.୦୦।
ଉଗଡ଼ମାଳି
(କ୍ରମେ ଲୋକପ୍ରିୟତା ଓ ଜନମାନସରେ ସ୍ଥିର କରୁଥିବା ଜନପ୍ରିୟ ଜନଜୀବନର ପାଠକ-ପାଠକେ ନିକଟରେ ପହଞ୍ଚାଇବାର ସକାଳର ଧରିତ୍ରୀର ପ୍ରୟାସ)
ଲାଜରେ ରହି ଆଁଉଡ଼ େଲଗି, ତାରାଙ୍କୁ ଆଉ ହାତୁଡ଼ି ଲଗି, ତାରାଙ୍କୁ ମୁଣ୍ଡ ଦେଖଣା, ଦୁଇ ବାର୍ଷିକ ପାର୍ଟି ମେଳନ କରେ, ତାରେ ଦିଏ କେନ ନାଗଣା ?
କିଛି ପାଇବା ପାଇଁ କେଉଁ କିଛି ଦେବାକୁ ପଡ଼ିଥାଏ। କେଉଁଠି ଭଲ ପାଇବା ପ୍ରତିବଦଳରେ କେଉଁଠି ଦୁଃଖ ଓ ସମ୍ମିଳା ଦେବାକୁ ହୋଇଥାଏ। ପ୍ରେମିକ ଓ ପ୍ରେମିକାର ମିଳନ ବିଷୟରେ ସେହିପରି କିଛି ଦେଖିବାକୁ ମିଳିଥାଏ।
ଜନମାତିରେ ବଢ଼ ତାଣ, କଳ୍ପ କରନେକ ମୁଁ କି ପାରିବି ଭେଲିଶି ଦେଖାଏ।
କଳ୍ପ କଥାକୁ ଅନେକେ କରଣରେ ଗ୍ରହଣ କରିପାରି ନ ଥାନ୍ତି। ଉଦାହରଣ ସ୍ୱରୂପ ଅନେକ ମଣିଷ ନିଜର ଇଚ୍ଛାକୁ ମନରେ ରଖି ଚାଲିଥାନ୍ତି।
ଓଡ଼ିଆ ଜନଜାତି ଓ ଲୋକସାହିତ୍ୟ – ପ୍ରେଷକ ପଞ୍ଚାନନ୍ଦ
ଶନିବାର ଅପରାହ୍ନ ୫ଟାରେ ମହାକାଶରୁ ଉଠାଯାଇଥିବା ପାଣିପାଗର ଚିତ୍ର।
୧୦ ଟଙ୍କାରେ ଧାନ ...	ପ୍ରଥମ ପୃଷ୍ଠାରୁ...
ବିକିବା କରିନିଅଯିବା ଛଳରେ ଚାଷୀମାନେ ରାସ୍ତା ଅବରୋଧ କରି ଧାନ ବିକ୍ରି କରୁଛନ୍ତି।
ଚାଷୀଙ୍କ ଇଚ୍ଛା ଅନୁଯାୟୀ ଶସ୍ୟର ପରୀକ୍ଷା କରି ୨ ତାରିଖରୁ ମଣ୍ଡି ଖୋଲିଥିଲେ। ଏହିଦିନ ଧାନର ଗୁଣବତ୍ତା କରିଥିଲେ। ଚାଷୀ ଧାନ ବିକ୍ରି ପାଇଁ ସ୍ଥାନୀୟ ମାର୍କେଟ ଜାଇଥିଲେ। ଏଣୁ ଚାଷୀମାନେ ବ୍ଲକ ଅଫିସରେ ଧାନ ନେଇ ଚୋଳିଥିଲେ। ଏ ବିଷୟରେ ସରକାରଙ୍କୁ ଗୁହାରି କରିଥିଲେ ମଧ୍ୟ କିଛି ସୁଫଳ ମିଳିନାହିଁ।
ହେଉଛନ୍ତି। ଅନ୍ୟପଟେ ଚାଷୀଙ୍କୁ ପଇସା ପାଇଁ ବିଭିନ୍ନ ଅସୁବିଧାର ସମ୍ମୁଖୀନ ହେବାକୁ ପଡ଼ୁଛି। ମଣ୍ଡିରେ ଧାନ ବିକ୍ରି ପାଇଁ ଟୋକନ ମିଳୁନି। କେତେକ ଦଲାଲ ଚାଷୀଙ୍କ ଠାରୁ କମ୍ ଦାମରେ ଧାନ କିଣୁଛନ୍ତି। ଏହାକୁ ନେଇ ଚାଷୀମାନଙ୍କ ମଧ୍ୟରେ ଅସନ୍ତୋଷ ଦେଖାଦେଇଛି।
ଆସେନ୍ ଚକ୍ରଧର୍ମରେ ଧାନ କେଉଁଠି ପ୍ରଶାସନିକ ଅଧିକାରୀ ଘଟଣାସ୍ଥଳକୁ ଆସିନାହାନ୍ତି। ସରକାରଙ୍କ ନିର୍ଦ୍ଦେଶ ଥିଲେ ମଧ୍ୟ ଚାଷୀଙ୍କ ଧାନ କିଣାଯାଉନି। ଚାଷୀମାନେ ଆନ୍ଦୋଳନ କରିବା ପାଇଁ ଧମକ ଦେଇଛନ୍ତି। ଏହା ଚାଷୀଙ୍କ ଜୀବନ ମରଣ ସମସ୍ୟା ବୋଲି କହିଛନ୍ତି।
ଟ୍ରେନ୍ ଧକ୍କାରେ ...
ଘଟଣାସ୍ଥଳରେ ୭ ହାତୀଙ୍କ ମୃତ୍ୟୁ ଘଟିଥିବାବେଳେ ଅନ୍ୟ ଏକ ହାତୀ ଆହତ ହୋଇଛି। ଏହାପରେ ରେଳବାଇ ବିଭାଗ ଓ ଜଙ୍ଗଲ ବିଭାଗର ଅଧିକାରୀ ଘଟଣାସ୍ଥଳରେ ପହଞ୍ଚି ଉଦ୍ଧାର କାର୍ଯ୍ୟ ଆରମ୍ଭ କରିଥିଲେ। ଟ୍ରେନ୍ ଲାଇନରୁ ମୃତ ହାତୀଙ୍କୁ ହଟାଇବା ପାଇଁ ଦୀର୍ଘ ସମୟ ଲାଗିଥିଲା।
କରାଯାଇଥିଲା। ଏହି ଦୁର୍ଘଟଣା ନେଇ ରେଳବାଇ ଓ ବନ ବିଭାଗ ମଧ୍ୟରେ ଦୋଷାରୋପ ଚାଲିଛି। ବନ ବିଭାଗ ପକ୍ଷରୁ କୁହାଯାଇଛି ଯେ ହାତୀ କରିଡର ବିଷୟରେ ରେଳବାଇକୁ ପୂର୍ବରୁ ଜଣାଇ ଦିଆଯାଇଥିଲା। ତେବେ ଟ୍ରେନର ଗତି ନିୟନ୍ତ୍ରଣ କରାଯାଇନଥିଲା।
ଉପରେ ଏକ ସୁଦୃଢ଼ ପଦକ୍ଷେପ ନିଆଯିବା ଆବଶ୍ୟକ ବୋଲି ପରିବେଶବିତ୍ ମତ ଦେଇଛନ୍ତି। ଅତୀତରେ ମଧ୍ୟ ଏଭଳି ଘଟଣା ଘଟିଥିଲା। ହାତୀ ସୁରକ୍ଷା ପାଇଁ ସରକାର ୧୨ଟି କମିଟି ଗଠନ କରିଥିଲେ। ଦକ୍ଷିଣ ପୂର୍ବ ରେଳବାଇ ଏହି ବିଷୟରେ ତଦନ୍ତ କରିବ।
ଅଦାଲତ ସବୁବେଳେ ...
08
